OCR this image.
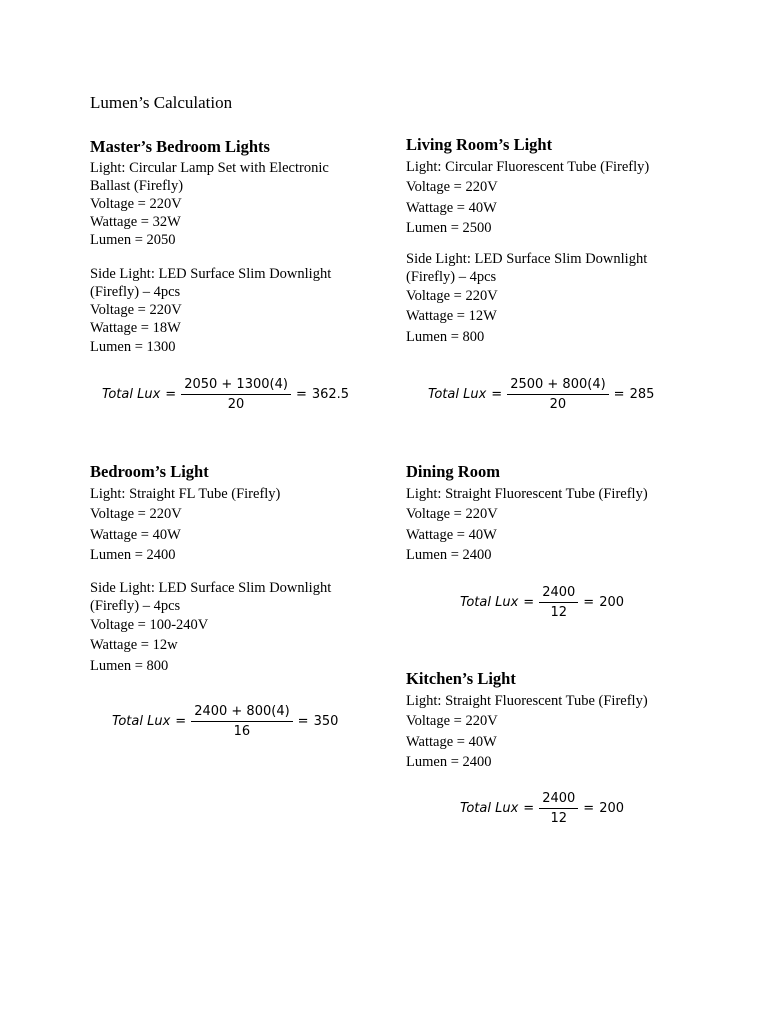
Lumen’s Calculation
Master’s Bedroom Lights
Light: Circular Lamp Set with Electronic
Ballast (Firefly)
Voltage = 220V
Wattage = 32W
Lumen = 2050
Side Light: LED Surface Slim Downlight
(Firefly) – 4pcs
Voltage = 220V
Wattage = 18W
Lumen = 1300
Total Lux = $\frac{2050 + 1300(4)}{20} = 362.5$
Living Room’s Light
Light: Circular Fluorescent Tube (Firefly)
Voltage = 220V
Wattage = 40W
Lumen = 2500
Side Light: LED Surface Slim Downlight
(Firefly) – 4pcs
Voltage = 220V
Wattage = 12W
Lumen = 800
Total Lux = $\frac{2500 + 800(4)}{20} = 285$
Bedroom’s Light
Light: Straight FL Tube (Firefly)
Voltage = 220V
Wattage = 40W
Lumen = 2400
Side Light: LED Surface Slim Downlight
(Firefly) – 4pcs
Voltage = 100-240V
Wattage = 12w
Lumen = 800
Total Lux = $\frac{2400 + 800(4)}{16} = 350$
Dining Room
Light: Straight Fluorescent Tube (Firefly)
Voltage = 220V
Wattage = 40W
Lumen = 2400
Total Lux = $\frac{2400}{12} = 200$
Kitchen’s Light
Light: Straight Fluorescent Tube (Firefly)
Voltage = 220V
Wattage = 40W
Lumen = 2400
Total Lux = $\frac{2400}{12} = 200$
